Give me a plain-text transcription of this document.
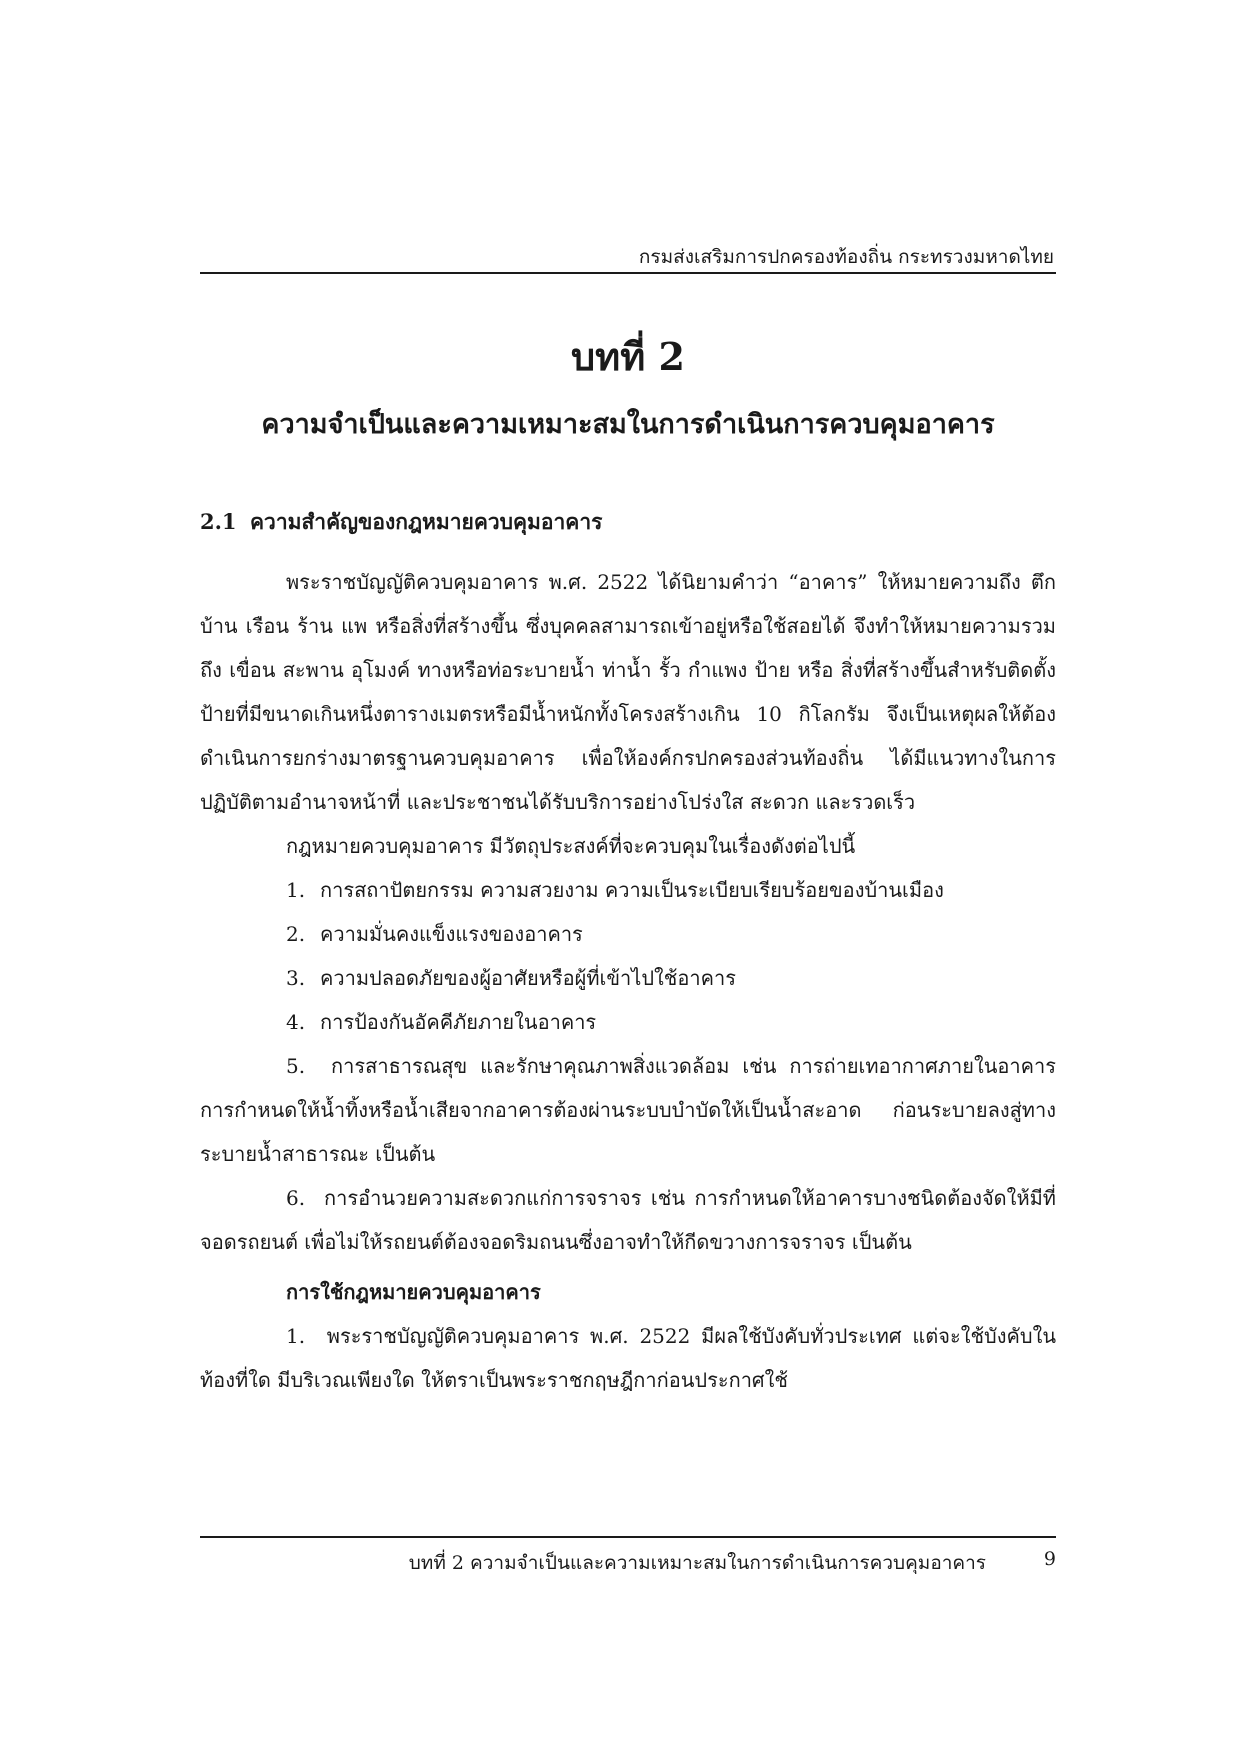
กรมส่งเสริมการปกครองท้องถิ่น กระทรวงมหาดไทย
บทที่ 2
ความจำเป็นและความเหมาะสมในการดำเนินการควบคุมอาคาร
2.1 ความสำคัญของกฎหมายควบคุมอาคาร

พระราชบัญญัติควบคุมอาคาร พ.ศ. 2522 ได้นิยามคำว่า “อาคาร” ให้หมายความถึง ตึก บ้าน เรือน ร้าน แพ หรือสิ่งที่สร้างขึ้น ซึ่งบุคคลสามารถเข้าอยู่หรือใช้สอยได้ จึงทำให้หมายความรวมถึง เขื่อน สะพาน อุโมงค์ ทางหรือท่อระบายน้ำ ท่าน้ำ รั้ว กำแพง ป้าย หรือ สิ่งที่สร้างขึ้นสำหรับติดตั้งป้ายที่มีขนาดเกินหนึ่งตารางเมตรหรือมีน้ำหนักทั้งโครงสร้างเกิน 10 กิโลกรัม จึงเป็นเหตุผลให้ต้องดำเนินการยกร่างมาตรฐานควบคุมอาคาร เพื่อให้องค์กรปกครองส่วนท้องถิ่น ได้มีแนวทางในการปฏิบัติตามอำนาจหน้าที่ และประชาชนได้รับบริการอย่างโปร่งใส สะดวก และรวดเร็ว

กฎหมายควบคุมอาคาร มีวัตถุประสงค์ที่จะควบคุมในเรื่องดังต่อไปนี้

1. การสถาปัตยกรรม ความสวยงาม ความเป็นระเบียบเรียบร้อยของบ้านเมือง

2. ความมั่นคงแข็งแรงของอาคาร

3. ความปลอดภัยของผู้อาศัยหรือผู้ที่เข้าไปใช้อาคาร

4. การป้องกันอัคคีภัยภายในอาคาร

5. การสาธารณสุข และรักษาคุณภาพสิ่งแวดล้อม เช่น การถ่ายเทอากาศภายในอาคาร การกำหนดให้น้ำทิ้งหรือน้ำเสียจากอาคารต้องผ่านระบบบำบัดให้เป็นน้ำสะอาด ก่อนระบายลงสู่ทางระบายน้ำสาธารณะ เป็นต้น

6. การอำนวยความสะดวกแก่การจราจร เช่น การกำหนดให้อาคารบางชนิดต้องจัดให้มีที่จอดรถยนต์ เพื่อไม่ให้รถยนต์ต้องจอดริมถนนซึ่งอาจทำให้กีดขวางการจราจร เป็นต้น

การใช้กฎหมายควบคุมอาคาร

1. พระราชบัญญัติควบคุมอาคาร พ.ศ. 2522 มีผลใช้บังคับทั่วประเทศ แต่จะใช้บังคับในท้องที่ใด มีบริเวณเพียงใด ให้ตราเป็นพระราชกฤษฎีกาก่อนประกาศใช้

บทที่ 2 ความจำเป็นและความเหมาะสมในการดำเนินการควบคุมอาคาร	9
